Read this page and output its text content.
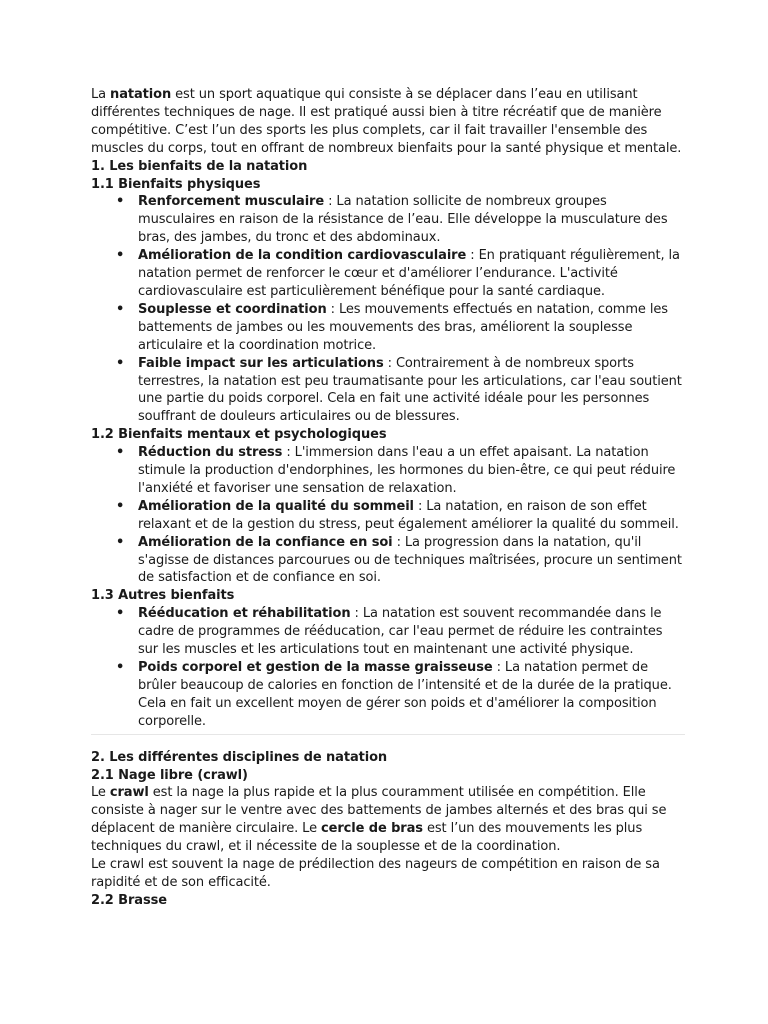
La natation est un sport aquatique qui consiste à se déplacer dans l’eau en utilisant différentes techniques de nage. Il est pratiqué aussi bien à titre récréatif que de manière compétitive. C’est l’un des sports les plus complets, car il fait travailler l'ensemble des muscles du corps, tout en offrant de nombreux bienfaits pour la santé physique et mentale.

1. Les bienfaits de la natation

1.1 Bienfaits physiques

• Renforcement musculaire : La natation sollicite de nombreux groupes musculaires en raison de la résistance de l’eau. Elle développe la musculature des bras, des jambes, du tronc et des abdominaux.
• Amélioration de la condition cardiovasculaire : En pratiquant régulièrement, la natation permet de renforcer le cœur et d'améliorer l’endurance. L'activité cardiovasculaire est particulièrement bénéfique pour la santé cardiaque.
• Souplesse et coordination : Les mouvements effectués en natation, comme les battements de jambes ou les mouvements des bras, améliorent la souplesse articulaire et la coordination motrice.
• Faible impact sur les articulations : Contrairement à de nombreux sports terrestres, la natation est peu traumatisante pour les articulations, car l'eau soutient une partie du poids corporel. Cela en fait une activité idéale pour les personnes souffrant de douleurs articulaires ou de blessures.

1.2 Bienfaits mentaux et psychologiques

• Réduction du stress : L'immersion dans l'eau a un effet apaisant. La natation stimule la production d'endorphines, les hormones du bien-être, ce qui peut réduire l'anxiété et favoriser une sensation de relaxation.
• Amélioration de la qualité du sommeil : La natation, en raison de son effet relaxant et de la gestion du stress, peut également améliorer la qualité du sommeil.
• Amélioration de la confiance en soi : La progression dans la natation, qu'il s'agisse de distances parcourues ou de techniques maîtrisées, procure un sentiment de satisfaction et de confiance en soi.

1.3 Autres bienfaits

• Rééducation et réhabilitation : La natation est souvent recommandée dans le cadre de programmes de rééducation, car l'eau permet de réduire les contraintes sur les muscles et les articulations tout en maintenant une activité physique.
• Poids corporel et gestion de la masse graisseuse : La natation permet de brûler beaucoup de calories en fonction de l’intensité et de la durée de la pratique. Cela en fait un excellent moyen de gérer son poids et d'améliorer la composition corporelle.

2. Les différentes disciplines de natation

2.1 Nage libre (crawl)

Le crawl est la nage la plus rapide et la plus couramment utilisée en compétition. Elle consiste à nager sur le ventre avec des battements de jambes alternés et des bras qui se déplacent de manière circulaire. Le cercle de bras est l’un des mouvements les plus techniques du crawl, et il nécessite de la souplesse et de la coordination.

Le crawl est souvent la nage de prédilection des nageurs de compétition en raison de sa rapidité et de son efficacité.

2.2 Brasse
